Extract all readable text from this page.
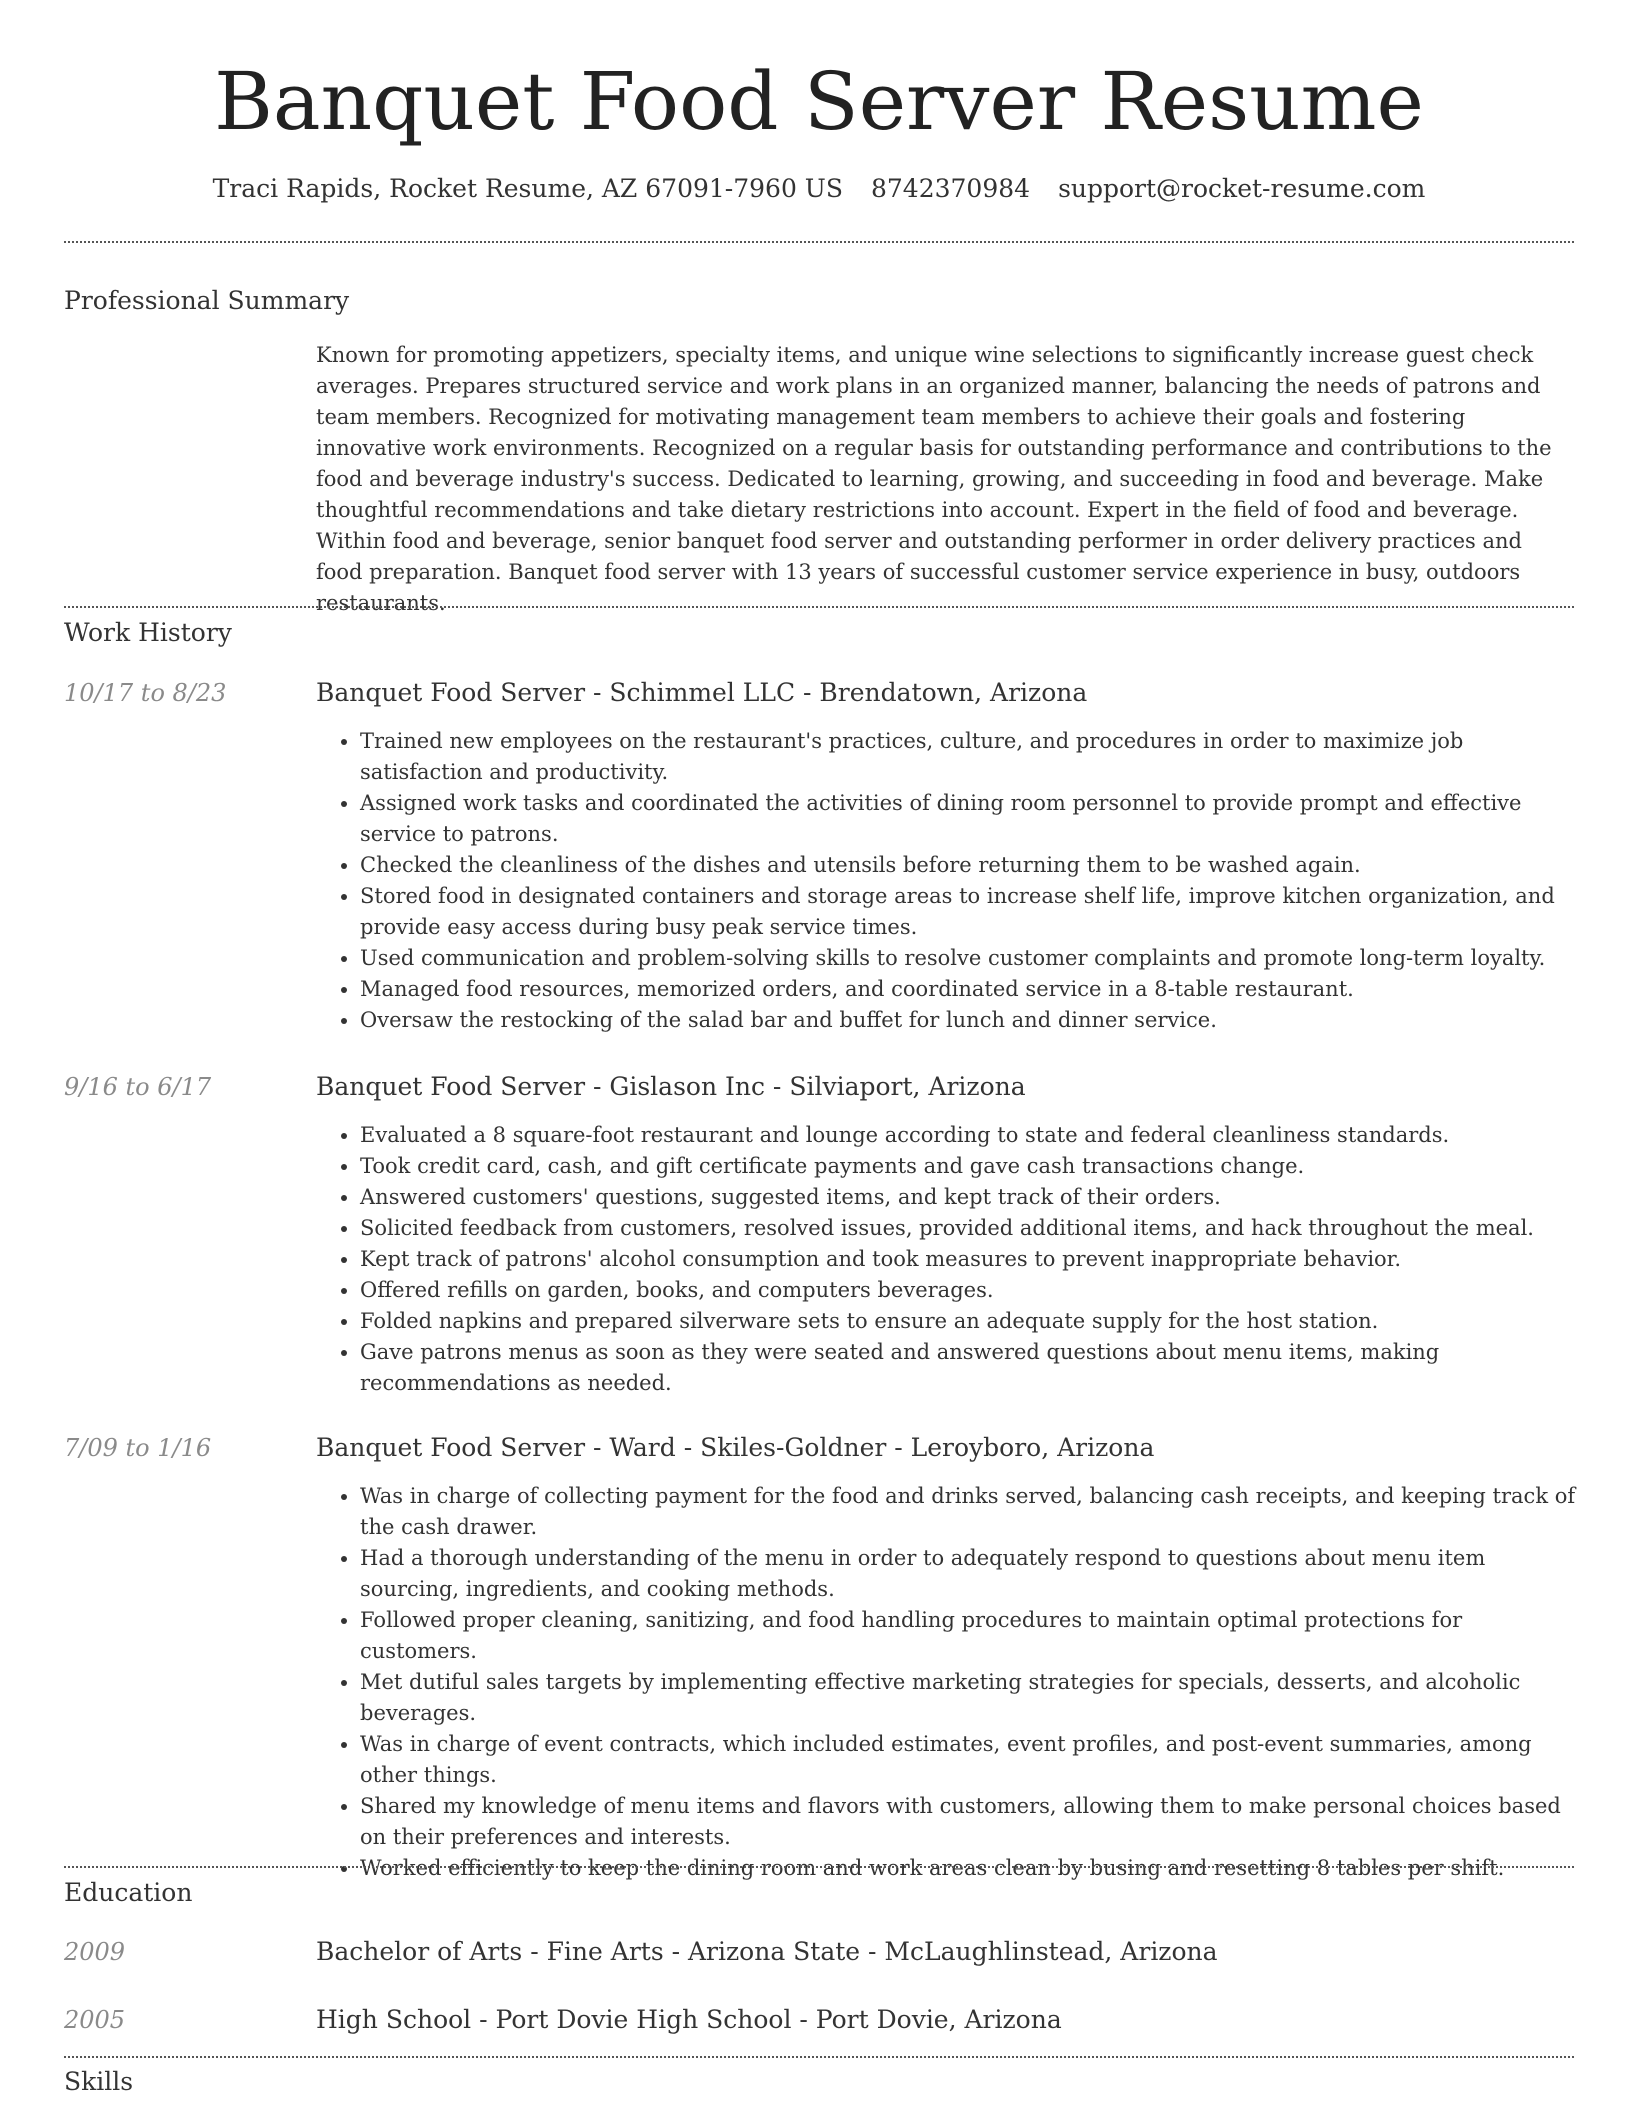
Banquet Food Server Resume
Traci Rapids, Rocket Resume, AZ 67091-7960 US 8742370984 support@rocket-resume.com
Professional Summary
Known for promoting appetizers, specialty items, and unique wine selections to significantly increase guest check averages. Prepares structured service and work plans in an organized manner, balancing the needs of patrons and team members. Recognized for motivating management team members to achieve their goals and fostering innovative work environments. Recognized on a regular basis for outstanding performance and contributions to the food and beverage industry's success. Dedicated to learning, growing, and succeeding in food and beverage. Make thoughtful recommendations and take dietary restrictions into account. Expert in the field of food and beverage. Within food and beverage, senior banquet food server and outstanding performer in order delivery practices and food preparation. Banquet food server with 13 years of successful customer service experience in busy, outdoors restaurants.
Work History
10/17 to 8/23	Banquet Food Server - Schimmel LLC - Brendatown, Arizona
• Trained new employees on the restaurant's practices, culture, and procedures in order to maximize job satisfaction and productivity.
• Assigned work tasks and coordinated the activities of dining room personnel to provide prompt and effective service to patrons.
• Checked the cleanliness of the dishes and utensils before returning them to be washed again.
• Stored food in designated containers and storage areas to increase shelf life, improve kitchen organization, and provide easy access during busy peak service times.
• Used communication and problem-solving skills to resolve customer complaints and promote long-term loyalty.
• Managed food resources, memorized orders, and coordinated service in a 8-table restaurant.
• Oversaw the restocking of the salad bar and buffet for lunch and dinner service.
9/16 to 6/17	Banquet Food Server - Gislason Inc - Silviaport, Arizona
• Evaluated a 8 square-foot restaurant and lounge according to state and federal cleanliness standards.
• Took credit card, cash, and gift certificate payments and gave cash transactions change.
• Answered customers' questions, suggested items, and kept track of their orders.
• Solicited feedback from customers, resolved issues, provided additional items, and hack throughout the meal.
• Kept track of patrons' alcohol consumption and took measures to prevent inappropriate behavior.
• Offered refills on garden, books, and computers beverages.
• Folded napkins and prepared silverware sets to ensure an adequate supply for the host station.
• Gave patrons menus as soon as they were seated and answered questions about menu items, making recommendations as needed.
7/09 to 1/16	Banquet Food Server - Ward - Skiles-Goldner - Leroyboro, Arizona
• Was in charge of collecting payment for the food and drinks served, balancing cash receipts, and keeping track of the cash drawer.
• Had a thorough understanding of the menu in order to adequately respond to questions about menu item sourcing, ingredients, and cooking methods.
• Followed proper cleaning, sanitizing, and food handling procedures to maintain optimal protections for customers.
• Met dutiful sales targets by implementing effective marketing strategies for specials, desserts, and alcoholic beverages.
• Was in charge of event contracts, which included estimates, event profiles, and post-event summaries, among other things.
• Shared my knowledge of menu items and flavors with customers, allowing them to make personal choices based on their preferences and interests.
• Worked efficiently to keep the dining room and work areas clean by busing and resetting 8 tables per shift.
Education
2009	Bachelor of Arts - Fine Arts - Arizona State - McLaughlinstead, Arizona
2005	High School - Port Dovie High School - Port Dovie, Arizona
Skills
